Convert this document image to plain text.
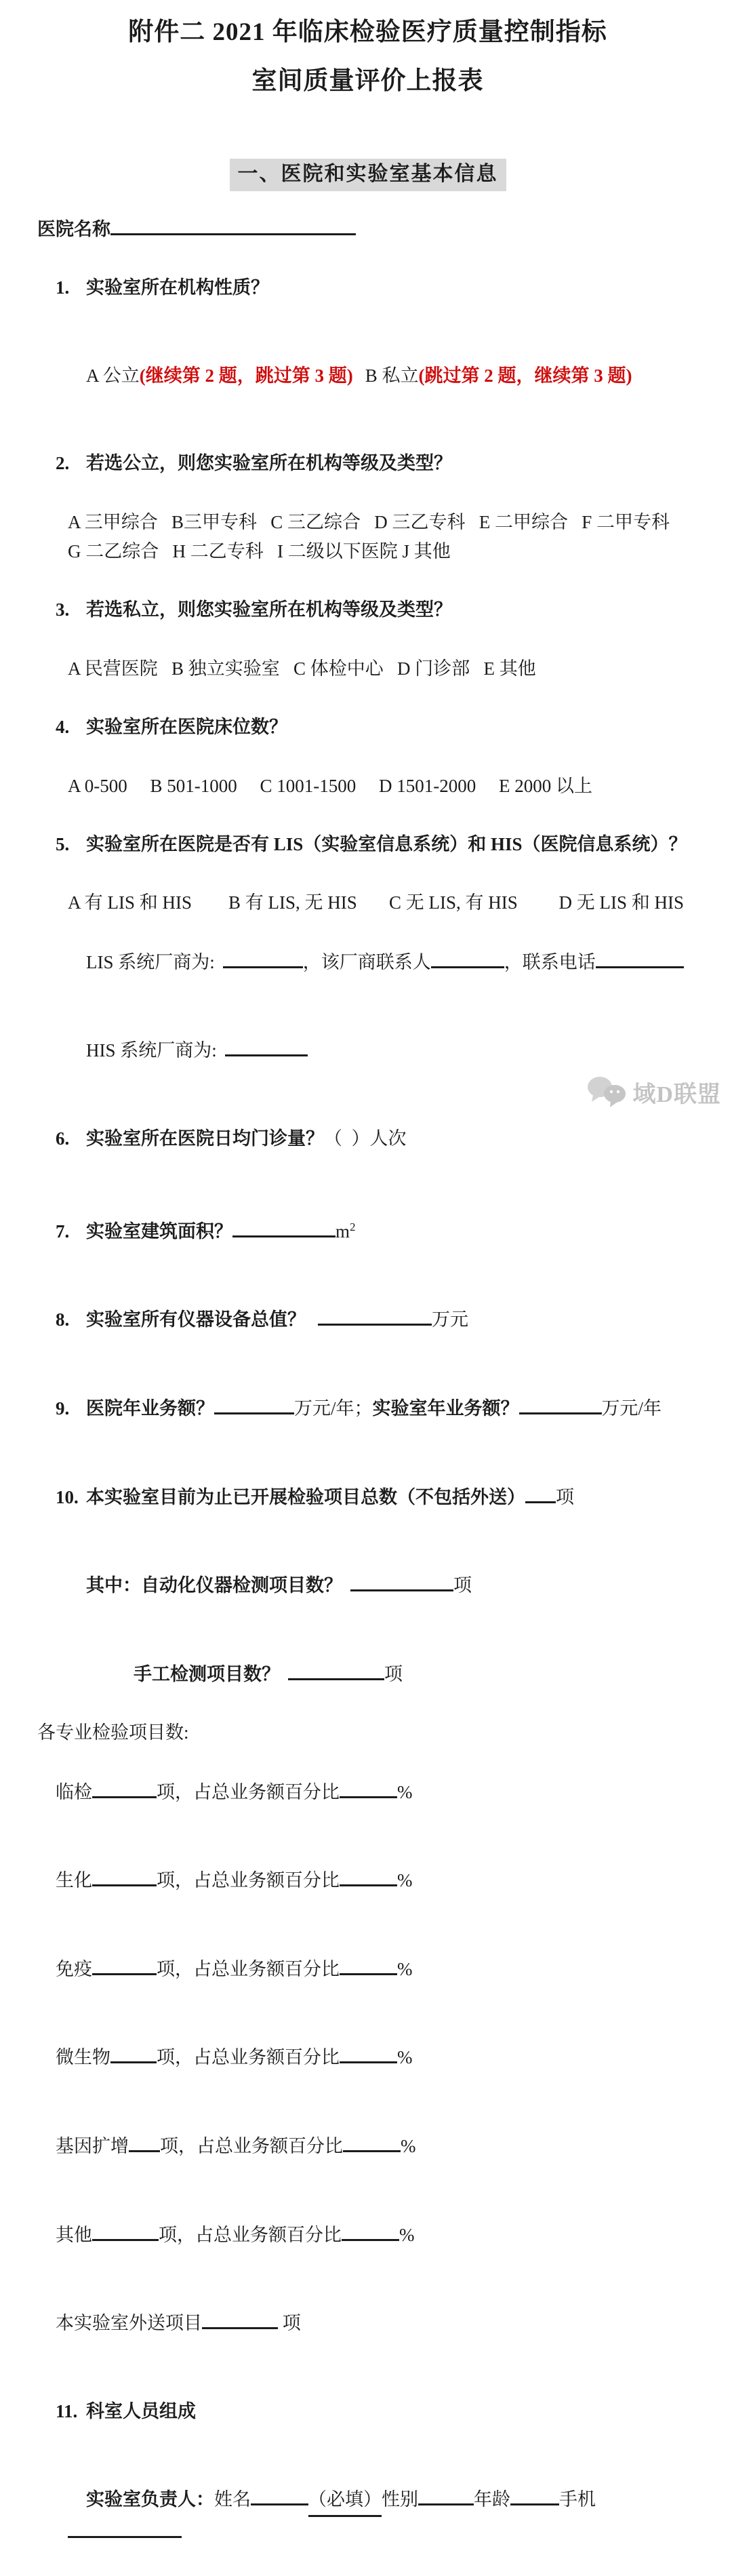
附件二 2021 年临床检验医疗质量控制指标
室间质量评价上报表
一、医院和实验室基本信息
医院名称

1. 实验室所在机构性质？

A 公立(继续第 2 题，跳过第 3 题) B 私立(跳过第 2 题，继续第 3 题)

2. 若选公立，则您实验室所在机构等级及类型？

A 三甲综合   B三甲专科   C 三乙综合   D 三乙专科   E 二甲综合   F 二甲专科
G 二乙综合   H 二乙专科   I 二级以下医院 J 其他

3. 若选私立，则您实验室所在机构等级及类型？

A 民营医院   B 独立实验室   C 体检中心   D 门诊部   E 其他

4. 实验室所在医院床位数？

A 0-500     B 501-1000     C 1001-1500     D 1501-2000     E 2000 以上

5. 实验室所在医院是否有 LIS（实验室信息系统）和 HIS（医院信息系统）？

A 有 LIS 和 HIS        B 有 LIS, 无 HIS       C 无 LIS, 有 HIS         D 无 LIS 和 HIS

LIS 系统厂商为:	，该厂商联系人	，联系电话

HIS 系统厂商为:

6. 实验室所在医院日均门诊量？（  ）人次

7. 实验室建筑面积？	$m^2$

8. 实验室所有仪器设备总值？	万元

9. 医院年业务额？	万元/年；实验室年业务额？	万元/年

10. 本实验室目前为止已开展检验项目总数（不包括外送） 项

其中：自动化仪器检测项目数？	项

手工检测项目数？	项

各专业检验项目数:

临检	项，占总业务额百分比	%

生化	项，占总业务额百分比	%

免疫	项，占总业务额百分比	%

微生物	项，占总业务额百分比	%

基因扩增 项，占总业务额百分比	%

其他	项，占总业务额百分比	%

本实验室外送项目	项

11. 科室人员组成

实验室负责人：姓名	（必填）性别	年龄	手机

域D联盟
